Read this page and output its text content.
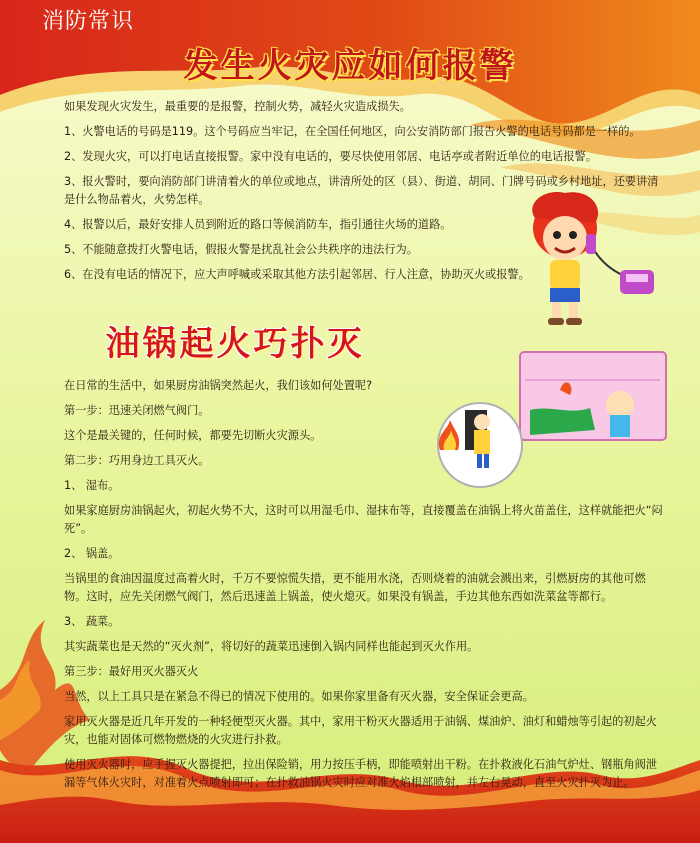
消防常识
发生火灾应如何报警

如果发现火灾发生，最重要的是报警，控制火势，减轻火灾造成损失。

1、火警电话的号码是119。这个号码应当牢记，在全国任何地区，向公安消防部门报告火警的电话号码都是一样的。

2、发现火灾，可以打电话直接报警。家中没有电话的，要尽快使用邻居、电话亭或者附近单位的电话报警。

3、报火警时，要向消防部门讲清着火的单位或地点，讲清所处的区（县）、街道、胡同、门牌号码或乡村地址，还要讲清是什么物品着火，火势怎样。

4、报警以后，最好安排人员到附近的路口等候消防车，指引通往火场的道路。

5、不能随意拨打火警电话，假报火警是扰乱社会公共秩序的违法行为。

6、在没有电话的情况下，应大声呼喊或采取其他方法引起邻居、行人注意，协助灭火或报警。

油锅起火巧扑灭

在日常的生活中，如果厨房油锅突然起火，我们该如何处置呢?

第一步：迅速关闭燃气阀门。

这个是最关键的，任何时候，都要先切断火灾源头。

第二步：巧用身边工具灭火。

1、 湿布。

如果家庭厨房油锅起火，初起火势不大，这时可以用湿毛巾、湿抹布等，直接覆盖在油锅上将火苗盖住，这样就能把火“闷死”。

2、 锅盖。

当锅里的食油因温度过高着火时，千万不要惊慌失措，更不能用水浇，否则烧着的油就会溅出来，引燃厨房的其他可燃物。这时，应先关闭燃气阀门，然后迅速盖上锅盖，使火熄灭。如果没有锅盖，手边其他东西如洗菜盆等都行。

3、 蔬菜。

其实蔬菜也是天然的“灭火剂”，将切好的蔬菜迅速倒入锅内同样也能起到灭火作用。

第三步：最好用灭火器灭火

当然，以上工具只是在紧急不得已的情况下使用的。如果你家里备有灭火器，安全保证会更高。

家用灭火器是近几年开发的一种轻便型灭火器。其中，家用干粉灭火器适用于油锅、煤油炉、油灯和蜡烛等引起的初起火灾，也能对固体可燃物燃烧的火灾进行扑救。

使用灭火器时，应手握灭火器提把，拉出保险销，用力按压手柄，即能喷射出干粉。在扑救液化石油气炉灶、钢瓶角阀泄漏等气体火灾时，对准着火点喷射即可；在扑救油锅火灾时应对准火焰根部喷射，并左右晃动，直至火灾扑灭为止。
